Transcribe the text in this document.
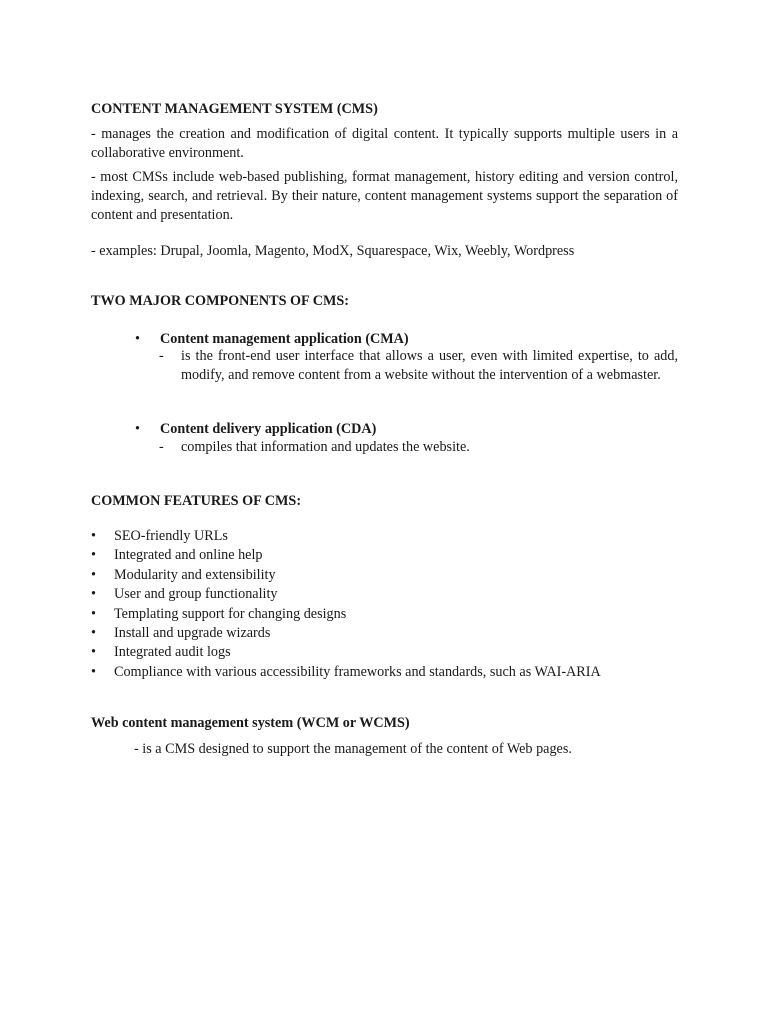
CONTENT MANAGEMENT SYSTEM (CMS)
- manages the creation and modification of digital content. It typically supports multiple users in a collaborative environment.
- most CMSs include web-based publishing, format management, history editing and version control, indexing, search, and retrieval. By their nature, content management systems support the separation of content and presentation.
- examples: Drupal, Joomla, Magento, ModX, Squarespace, Wix, Weebly, Wordpress
TWO MAJOR COMPONENTS OF CMS:
• Content management application (CMA)
- is the front-end user interface that allows a user, even with limited expertise, to add, modify, and remove content from a website without the intervention of a webmaster.
• Content delivery application (CDA)
- compiles that information and updates the website.
COMMON FEATURES OF CMS:
• SEO-friendly URLs
• Integrated and online help
• Modularity and extensibility
• User and group functionality
• Templating support for changing designs
• Install and upgrade wizards
• Integrated audit logs
• Compliance with various accessibility frameworks and standards, such as WAI-ARIA
Web content management system (WCM or WCMS)
- is a CMS designed to support the management of the content of Web pages.
